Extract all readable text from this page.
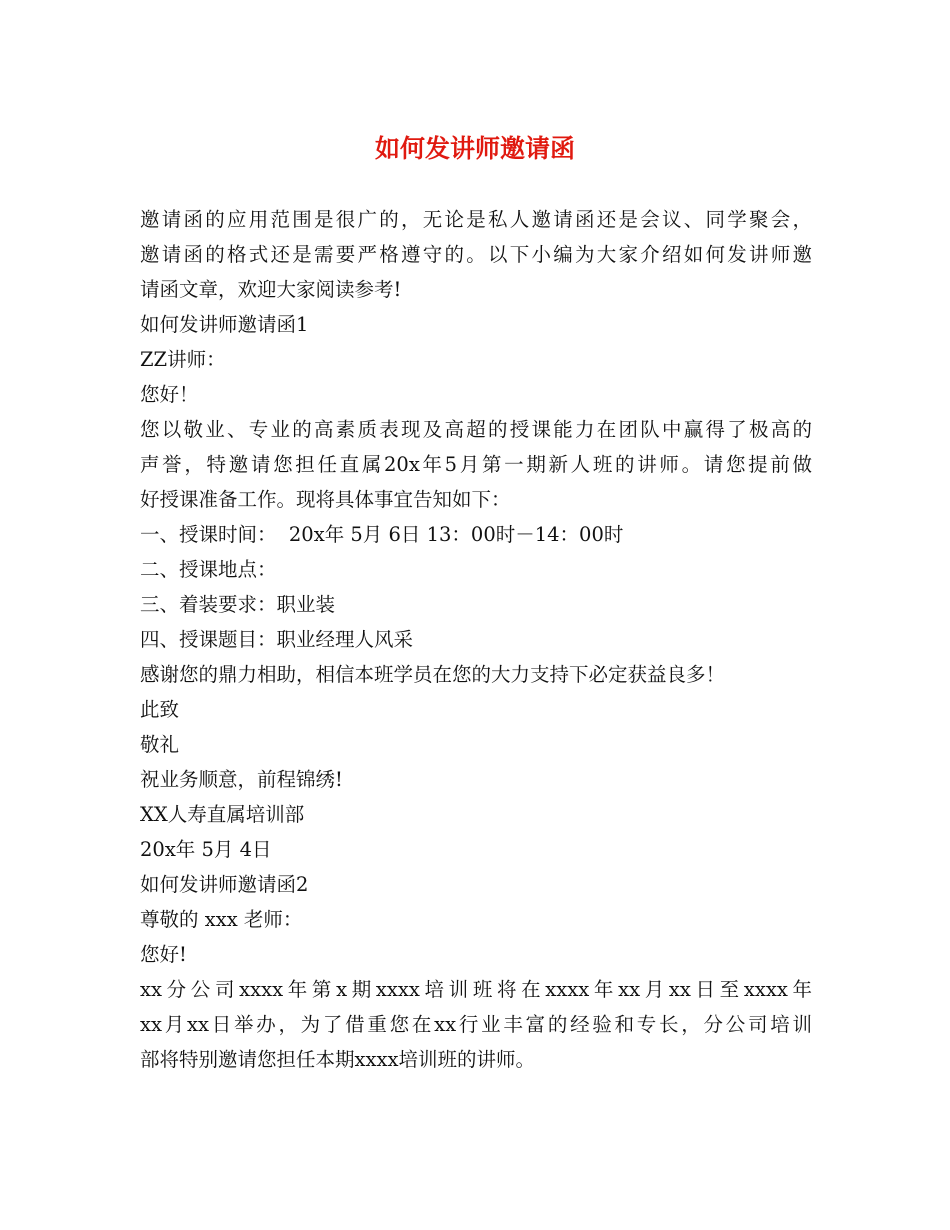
如何发讲师邀请函
邀请函的应用范围是很广的，无论是私人邀请函还是会议、同学聚会，
邀请函的格式还是需要严格遵守的。以下小编为大家介绍如何发讲师邀
请函文章，欢迎大家阅读参考!
如何发讲师邀请函1
ZZ讲师：
您好！
您以敬业、专业的高素质表现及高超的授课能力在团队中赢得了极高的
声誉，特邀请您担任直属20x年5月第一期新人班的讲师。请您提前做
好授课准备工作。现将具体事宜告知如下：
一、授课时间：  20x年 5月 6日 13：00时－14：00时
二、授课地点：
三、着装要求：职业装
四、授课题目：职业经理人风采
感谢您的鼎力相助，相信本班学员在您的大力支持下必定获益良多！
此致
敬礼
祝业务顺意，前程锦绣!
XX人寿直属培训部
20x年 5月 4日
如何发讲师邀请函2
尊敬的 xxx 老师：
您好!
xx分公司xxxx年第x期xxxx培训班将在xxxx年xx月xx日至xxxx年
xx月xx日举办，为了借重您在xx行业丰富的经验和专长，分公司培训
部将特别邀请您担任本期xxxx培训班的讲师。
